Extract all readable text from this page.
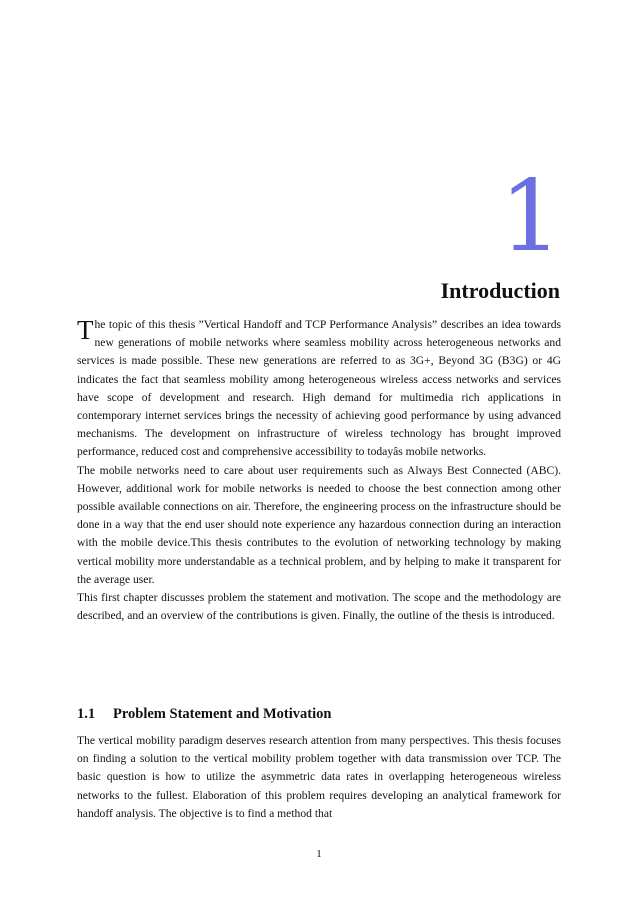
1
Introduction

The topic of this thesis ”Vertical Handoff and TCP Performance Analysis” describes an idea towards new generations of mobile networks where seamless mobility across heterogeneous networks and services is made possible. These new generations are referred to as 3G+, Beyond 3G (B3G) or 4G indicates the fact that seamless mobility among heterogeneous wireless access networks and services have scope of development and research. High demand for multimedia rich applications in contemporary internet services brings the necessity of achieving good performance by using advanced mechanisms. The development on infrastructure of wireless technology has brought improved performance, reduced cost and comprehensive accessibility to todayâs mobile networks.

The mobile networks need to care about user requirements such as Always Best Connected (ABC). However, additional work for mobile networks is needed to choose the best connection among other possible available connections on air. Therefore, the engineering process on the infrastructure should be done in a way that the end user should note experience any hazardous connection during an interaction with the mobile device.This thesis contributes to the evolution of networking technology by making vertical mobility more understandable as a technical problem, and by helping to make it transparent for the average user.

This first chapter discusses problem the statement and motivation. The scope and the methodology are described, and an overview of the contributions is given. Finally, the outline of the thesis is introduced.

1.1 Problem Statement and Motivation

The vertical mobility paradigm deserves research attention from many perspectives. This thesis focuses on finding a solution to the vertical mobility problem together with data transmission over TCP. The basic question is how to utilize the asymmetric data rates in overlapping heterogeneous wireless networks to the fullest. Elaboration of this problem requires developing an analytical framework for handoff analysis. The objective is to find a method that

1
